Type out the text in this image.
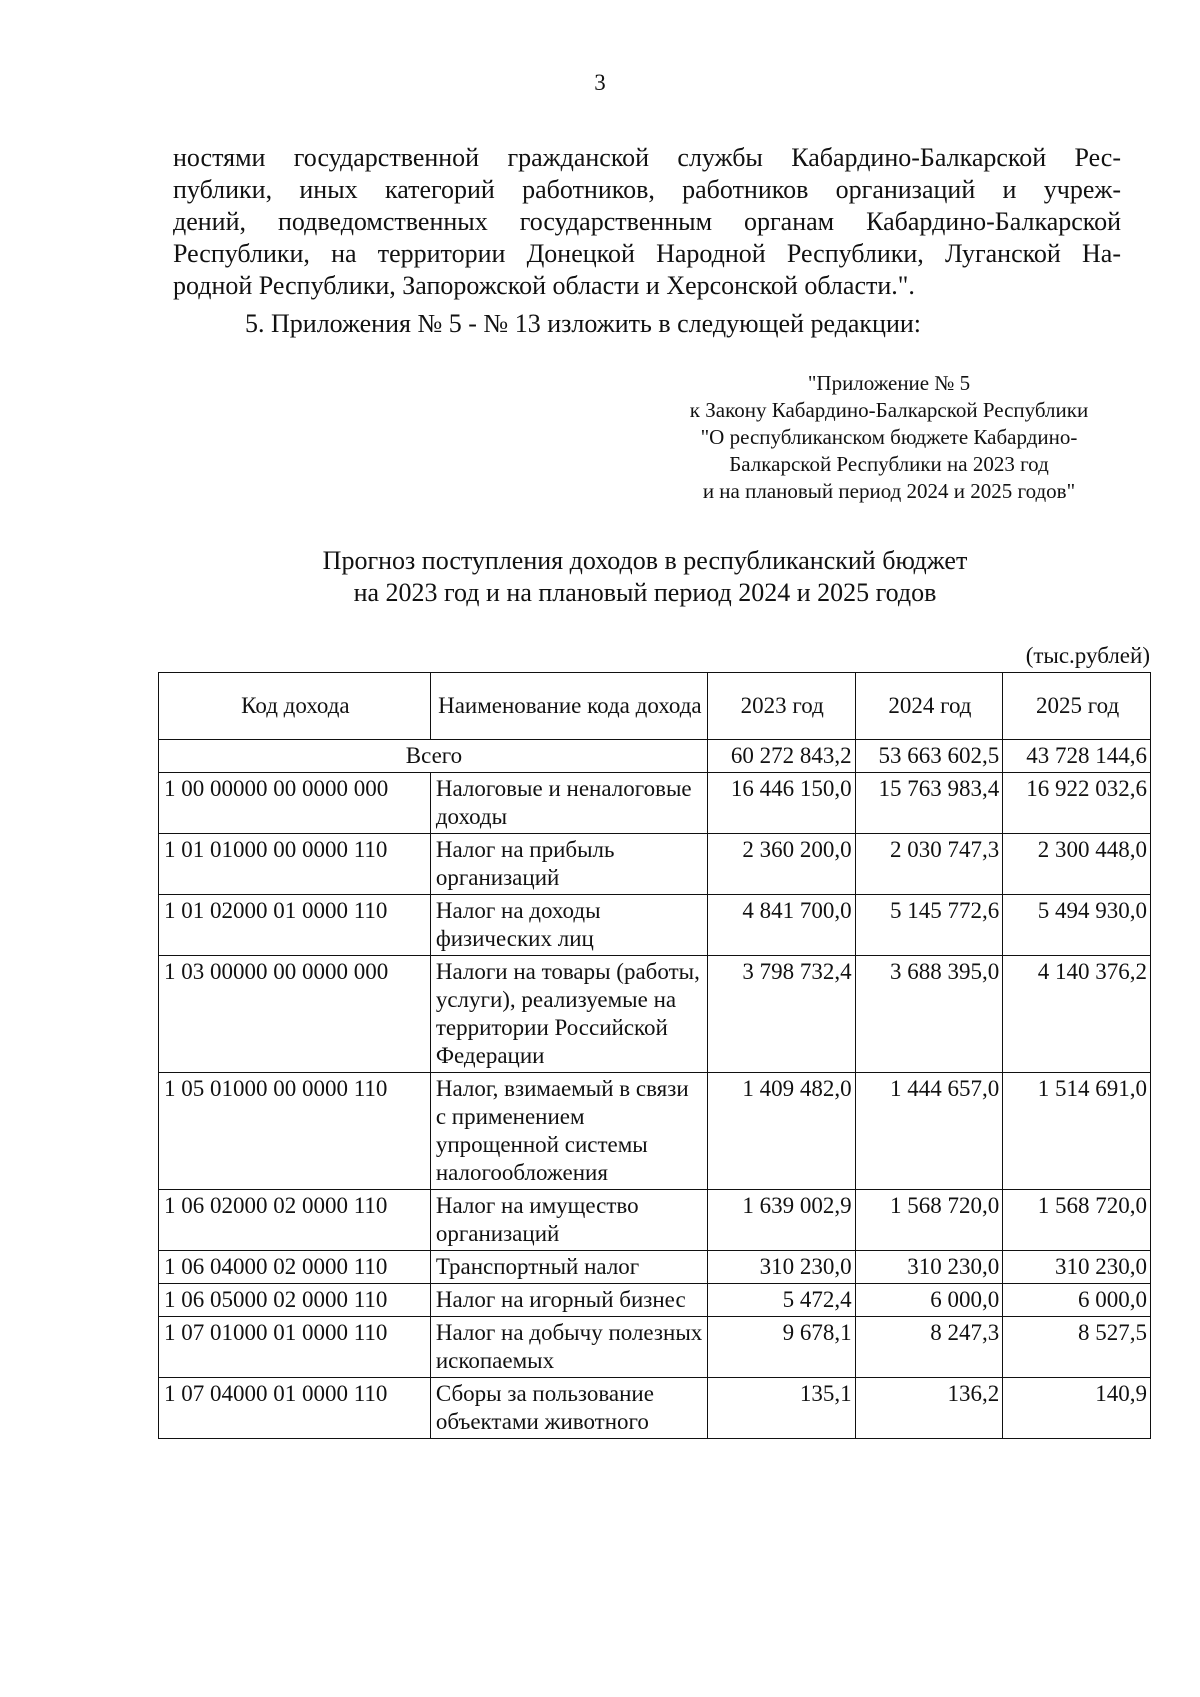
3

ностями государственной гражданской службы Кабардино-Балкарской Рес-
публики, иных категорий работников, работников организаций и учреж-
дений, подведомственных государственным органам Кабардино-Балкарской
Республики, на территории Донецкой Народной Республики, Луганской На-
родной Республики, Запорожской области и Херсонской области.".

5. Приложения № 5 - № 13 изложить в следующей редакции:

"Приложение № 5
к Закону Кабардино-Балкарской Республики
"О республиканском бюджете Кабардино-
Балкарской Республики на 2023 год
и на плановый период 2024 и 2025 годов"
Прогноз поступления доходов в республиканский бюджет
на 2023 год и на плановый период 2024 и 2025 годов
(тыс.рублей)
Код дохода	Наименование кода дохода	2023 год	2024 год	2025 год
Всего		60 272 843,2	53 663 602,5	43 728 144,6
1 00 00000 00 0000 000	Налоговые и неналоговые доходы	16 446 150,0	15 763 983,4	16 922 032,6
1 01 01000 00 0000 110	Налог на прибыль организаций	2 360 200,0	2 030 747,3	2 300 448,0
1 01 02000 01 0000 110	Налог на доходы физических лиц	4 841 700,0	5 145 772,6	5 494 930,0
1 03 00000 00 0000 000	Налоги на товары (работы, услуги), реализуемые на территории Российской Федерации	3 798 732,4	3 688 395,0	4 140 376,2
1 05 01000 00 0000 110	Налог, взимаемый в связи с применением упрощенной системы налогообложения	1 409 482,0	1 444 657,0	1 514 691,0
1 06 02000 02 0000 110	Налог на имущество организаций	1 639 002,9	1 568 720,0	1 568 720,0
1 06 04000 02 0000 110	Транспортный налог	310 230,0	310 230,0	310 230,0
1 06 05000 02 0000 110	Налог на игорный бизнес	5 472,4	6 000,0	6 000,0
1 07 01000 01 0000 110	Налог на добычу полезных ископаемых	9 678,1	8 247,3	8 527,5
1 07 04000 01 0000 110	Сборы за пользование объектами животного	135,1	136,2	140,9
